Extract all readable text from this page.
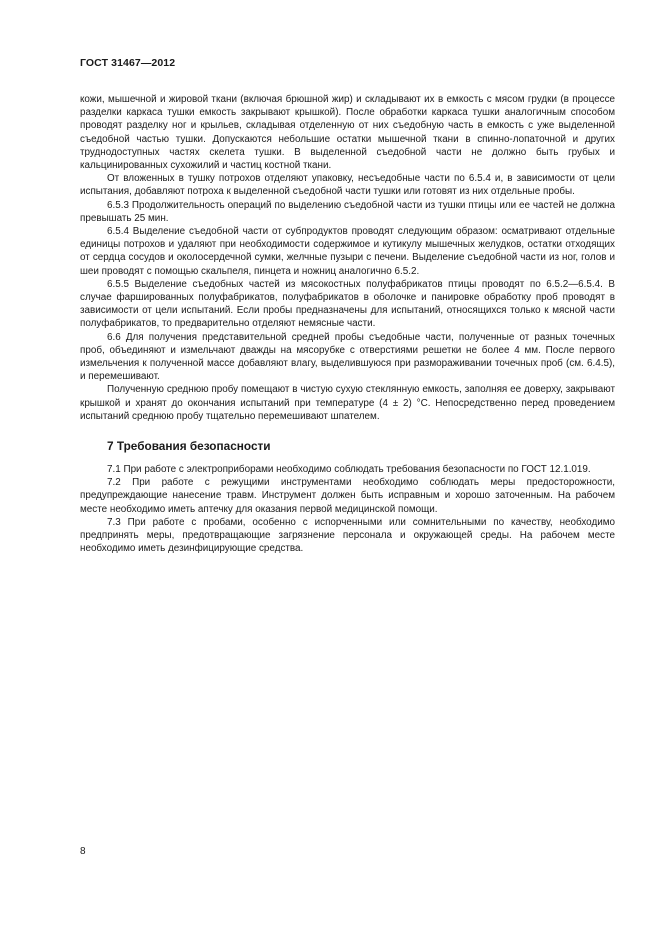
ГОСТ 31467—2012

кожи, мышечной и жировой ткани (включая брюшной жир) и складывают их в емкость с мясом грудки (в процессе разделки каркаса тушки емкость закрывают крышкой). После обработки каркаса тушки аналогичным способом проводят разделку ног и крыльев, складывая отделенную от них съедобную часть в емкость с уже выделенной съедобной частью тушки. Допускаются небольшие остатки мышечной ткани в спинно-лопаточной и других труднодоступных частях скелета тушки. В выделенной съедобной части не должно быть грубых и кальцинированных сухожилий и частиц костной ткани.

От вложенных в тушку потрохов отделяют упаковку, несъедобные части по 6.5.4 и, в зависимости от цели испытания, добавляют потроха к выделенной съедобной части тушки или готовят из них отдельные пробы.

6.5.3 Продолжительность операций по выделению съедобной части из тушки птицы или ее частей не должна превышать 25 мин.

6.5.4 Выделение съедобной части от субпродуктов проводят следующим образом: осматривают отдельные единицы потрохов и удаляют при необходимости содержимое и кутикулу мышечных желудков, остатки отходящих от сердца сосудов и околосердечной сумки, желчные пузыри с печени. Выделение съедобной части из ног, голов и шеи проводят с помощью скальпеля, пинцета и ножниц аналогично 6.5.2.

6.5.5 Выделение съедобных частей из мясокостных полуфабрикатов птицы проводят по 6.5.2—6.5.4. В случае фаршированных полуфабрикатов, полуфабрикатов в оболочке и панировке обработку проб проводят в зависимости от цели испытаний. Если пробы предназначены для испытаний, относящихся только к мясной части полуфабрикатов, то предварительно отделяют немясные части.

6.6 Для получения представительной средней пробы съедобные части, полученные от разных точечных проб, объединяют и измельчают дважды на мясорубке с отверстиями решетки не более 4 мм. После первого измельчения к полученной массе добавляют влагу, выделившуюся при размораживании точечных проб (см. 6.4.5), и перемешивают.

Полученную среднюю пробу помещают в чистую сухую стеклянную емкость, заполняя ее доверху, закрывают крышкой и хранят до окончания испытаний при температуре (4 ± 2) °С. Непосредственно перед проведением испытаний среднюю пробу тщательно перемешивают шпателем.

7 Требования безопасности

7.1 При работе с электроприборами необходимо соблюдать требования безопасности по ГОСТ 12.1.019.

7.2 При работе с режущими инструментами необходимо соблюдать меры предосторожности, предупреждающие нанесение травм. Инструмент должен быть исправным и хорошо заточенным. На рабочем месте необходимо иметь аптечку для оказания первой медицинской помощи.

7.3 При работе с пробами, особенно с испорченными или сомнительными по качеству, необходимо предпринять меры, предотвращающие загрязнение персонала и окружающей среды. На рабочем месте необходимо иметь дезинфицирующие средства.

8
